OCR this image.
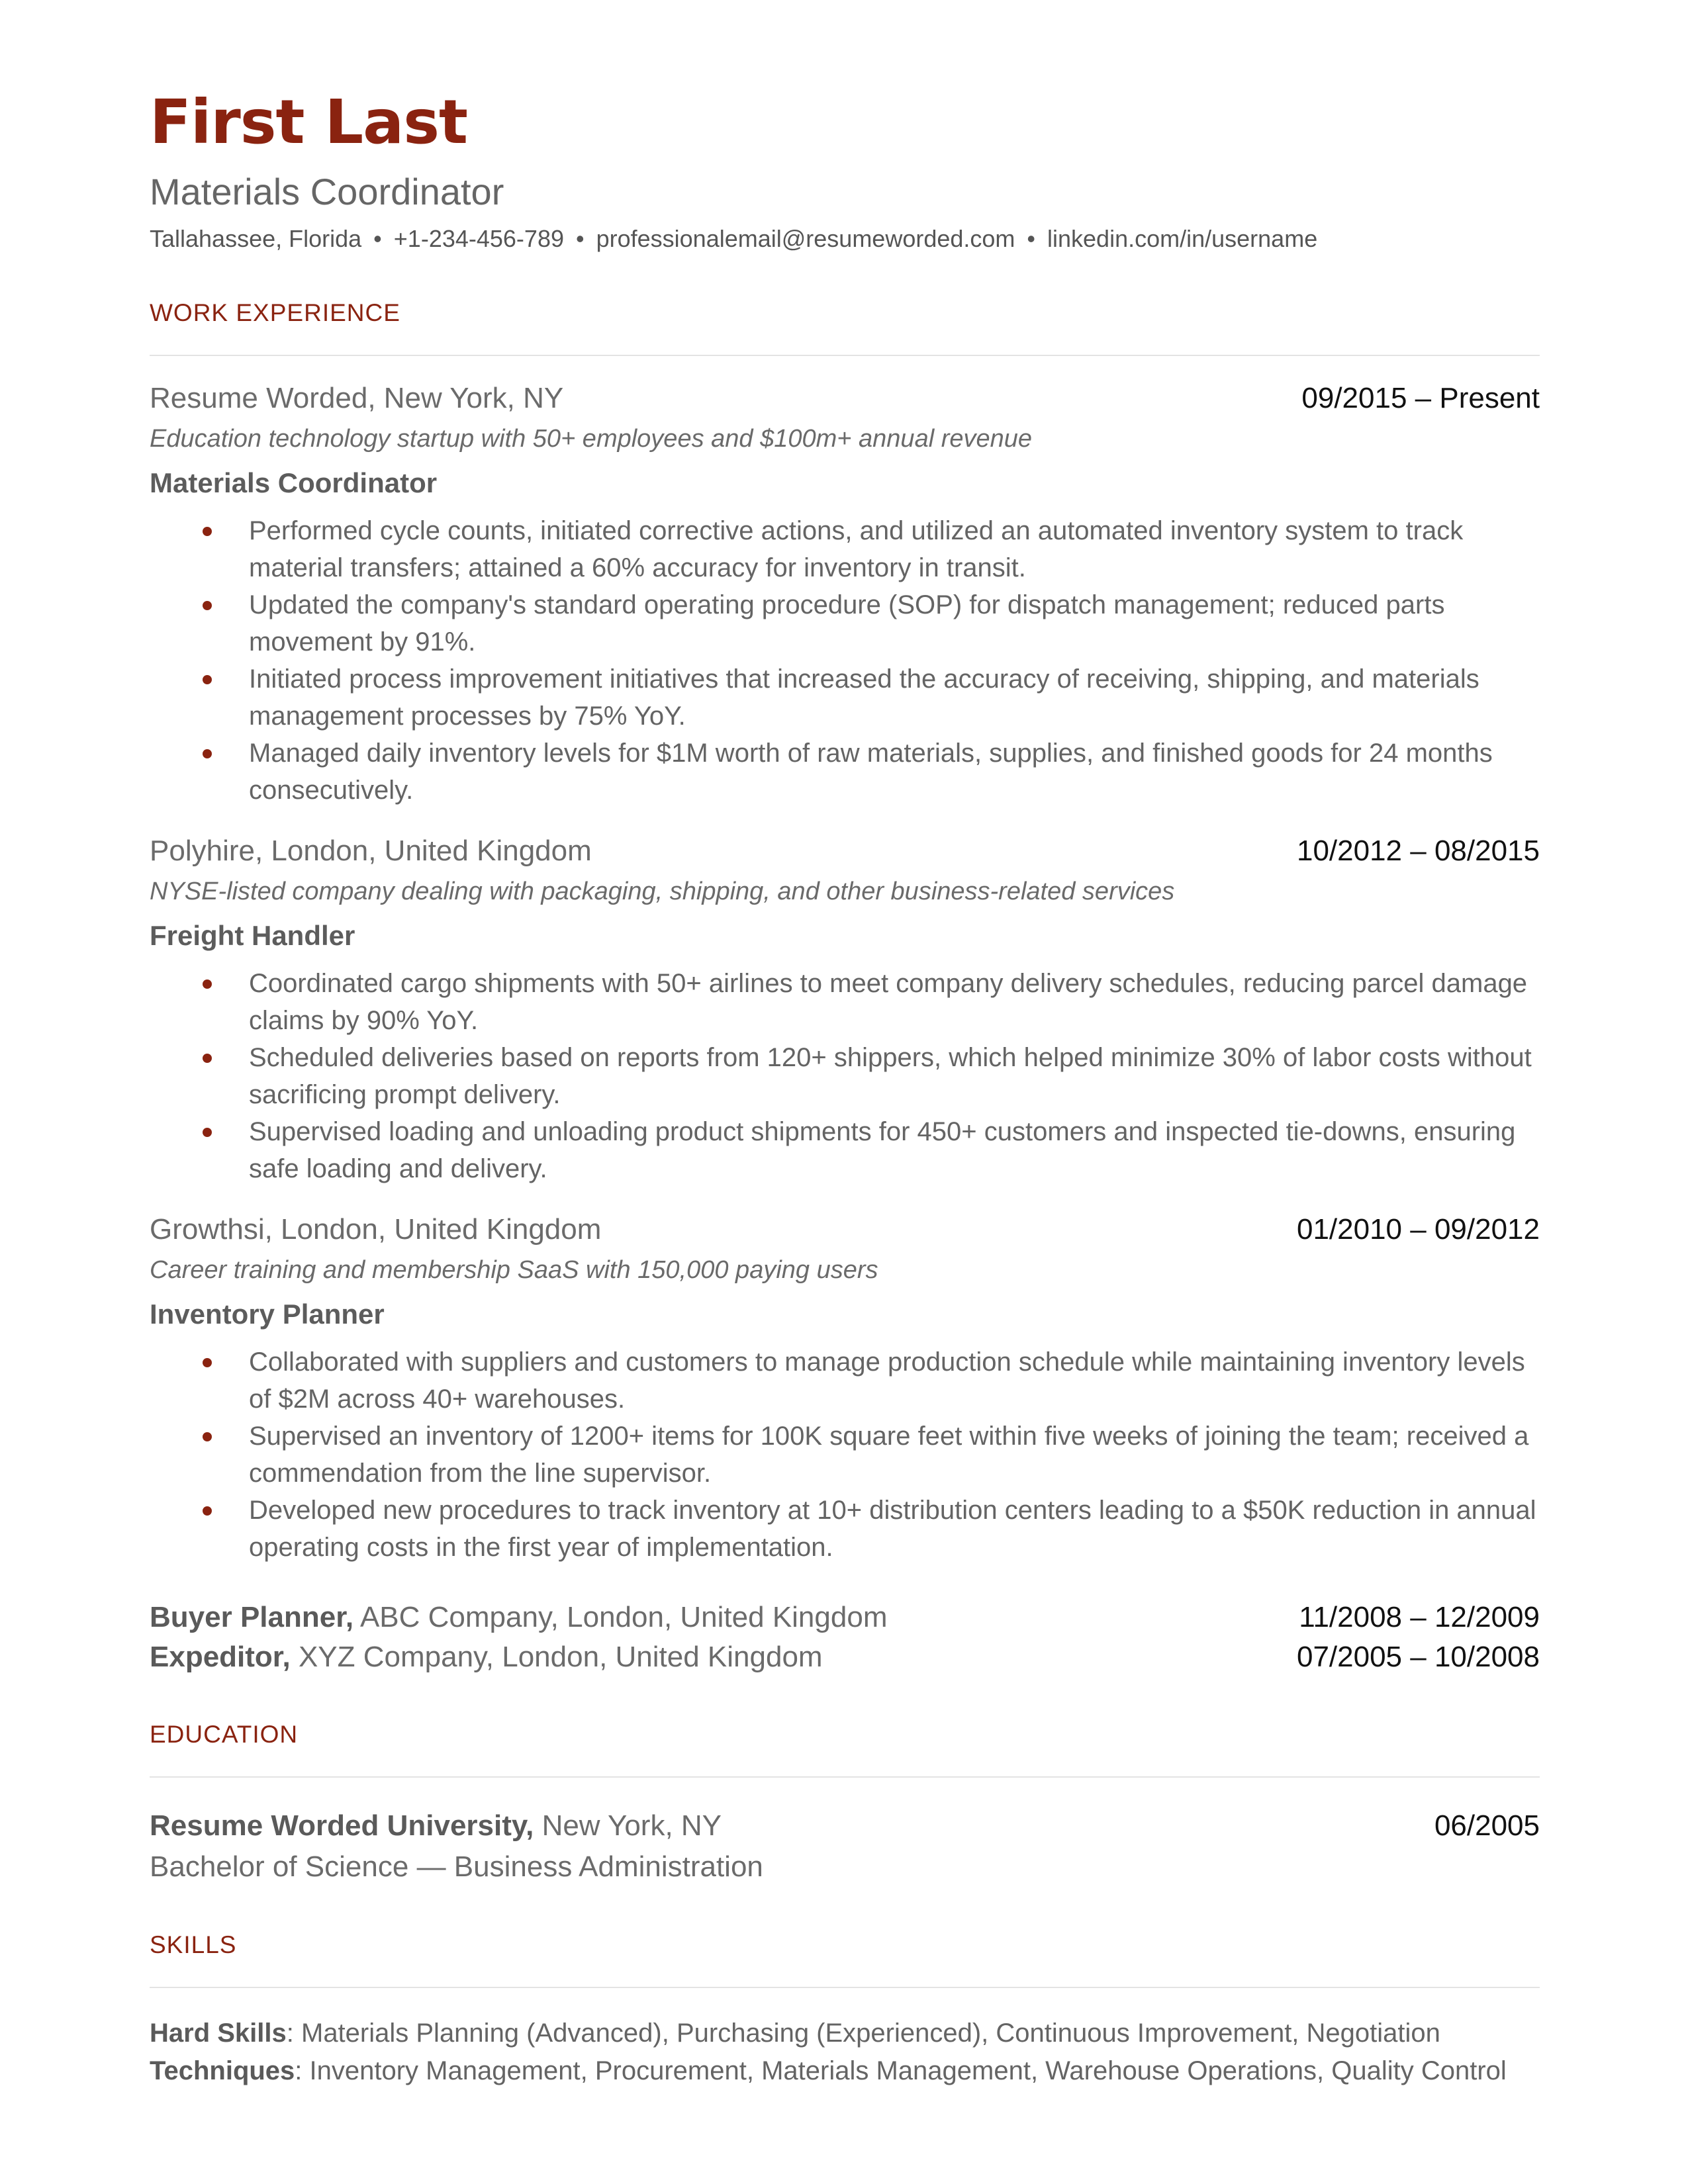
First Last
Materials Coordinator
Tallahassee, Florida • +1-234-456-789 • professionalemail@resumeworded.com • linkedin.com/in/username
WORK EXPERIENCE
Resume Worded, New York, NY	09/2015 – Present
Education technology startup with 50+ employees and $100m+ annual revenue
Materials Coordinator
Performed cycle counts, initiated corrective actions, and utilized an automated inventory system to track material transfers; attained a 60% accuracy for inventory in transit.
Updated the company's standard operating procedure (SOP) for dispatch management; reduced parts movement by 91%.
Initiated process improvement initiatives that increased the accuracy of receiving, shipping, and materials management processes by 75% YoY.
Managed daily inventory levels for $1M worth of raw materials, supplies, and finished goods for 24 months consecutively.
Polyhire, London, United Kingdom	10/2012 – 08/2015
NYSE-listed company dealing with packaging, shipping, and other business-related services
Freight Handler
Coordinated cargo shipments with 50+ airlines to meet company delivery schedules, reducing parcel damage claims by 90% YoY.
Scheduled deliveries based on reports from 120+ shippers, which helped minimize 30% of labor costs without sacrificing prompt delivery.
Supervised loading and unloading product shipments for 450+ customers and inspected tie-downs, ensuring safe loading and delivery.
Growthsi, London, United Kingdom	01/2010 – 09/2012
Career training and membership SaaS with 150,000 paying users
Inventory Planner
Collaborated with suppliers and customers to manage production schedule while maintaining inventory levels of $2M across 40+ warehouses.
Supervised an inventory of 1200+ items for 100K square feet within five weeks of joining the team; received a commendation from the line supervisor.
Developed new procedures to track inventory at 10+ distribution centers leading to a $50K reduction in annual operating costs in the first year of implementation.
Buyer Planner, ABC Company, London, United Kingdom	11/2008 – 12/2009
Expeditor, XYZ Company, London, United Kingdom	07/2005 – 10/2008
EDUCATION
Resume Worded University, New York, NY	06/2005
Bachelor of Science — Business Administration
SKILLS
Hard Skills: Materials Planning (Advanced), Purchasing (Experienced), Continuous Improvement, Negotiation
Techniques: Inventory Management, Procurement, Materials Management, Warehouse Operations, Quality Control
